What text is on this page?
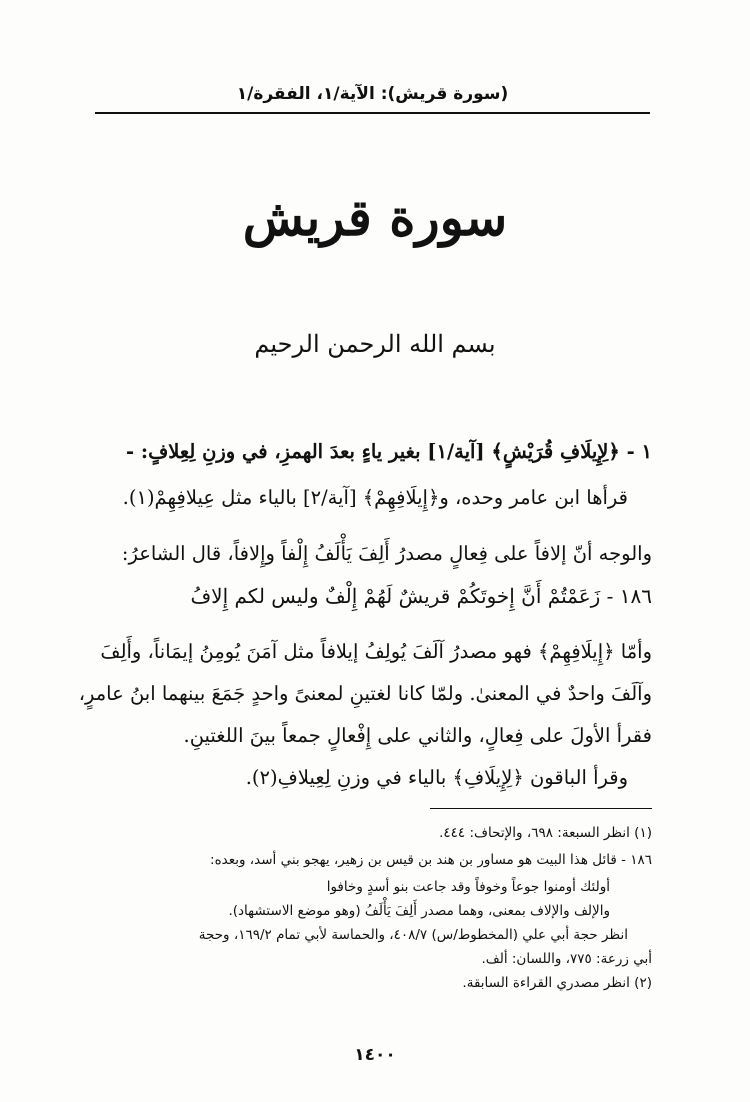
(سورة قريش): الآية/١، الفقرة/١
سورة قريش
بسم الله الرحمن الرحيم
١ - ﴿لِإِيلَافِ قُرَيْشٍ﴾ [آية/١] بغير ياءٍ بعدَ الهمزِ، في وزنِ لِعِلافٍ: -
قرأها ابن عامر وحده، و﴿إِيلَافِهِمْ﴾ [آية/٢] بالياء مثل عِيلافِهِمْ(١).
والوجه أنّ إلافاً على فِعالٍ مصدرُ أَلِفَ يَأْلَفُ إِلْفاً وإِلافاً، قال الشاعرُ:
١٨٦ - زَعَمْتُمْ أَنَّ إِخوتَكُمْ قريشٌ لَهُمْ إِلْفٌ وليس لكم إِلافُ
وأمّا ﴿إِيلَافِهِمْ﴾ فهو مصدرُ آلَفَ يُولِفُ إيلافاً مثل آمَنَ يُومِنُ إيمَاناً، وأَلِفَ
وآلَفَ واحدٌ في المعنىٰ. ولمّا كانا لغتينِ لمعنىً واحدٍ جَمَعَ بينهما ابنُ عامرٍ،
فقرأ الأولَ على فِعالٍ، والثاني على إِفْعالٍ جمعاً بينَ اللغتينِ.
وقرأ الباقون ﴿لِإِيلَافِ﴾ بالياء في وزنِ لِعِيلافِ(٢).
(١) انظر السبعة: ٦٩٨، والإتحاف: ٤٤٤.
١٨٦ - قائل هذا البيت هو مساور بن هند بن قيس بن زهير، يهجو بني أسد، وبعده:
أولئك أومنوا جوعاً وخوفاً وقد جاعت بنو أسدٍ وخافوا
والإلف والإلاف بمعنى، وهما مصدر أَلِفَ يَأْلَفُ (وهو موضع الاستشهاد).
انظر حجة أبي علي (المخطوط/س) ٤٠٨/٧، والحماسة لأبي تمام ١٦٩/٢، وحجة
أبي زرعة: ٧٧٥، واللسان: ألف.
(٢) انظر مصدري القراءة السابقة.
١٤٠٠
